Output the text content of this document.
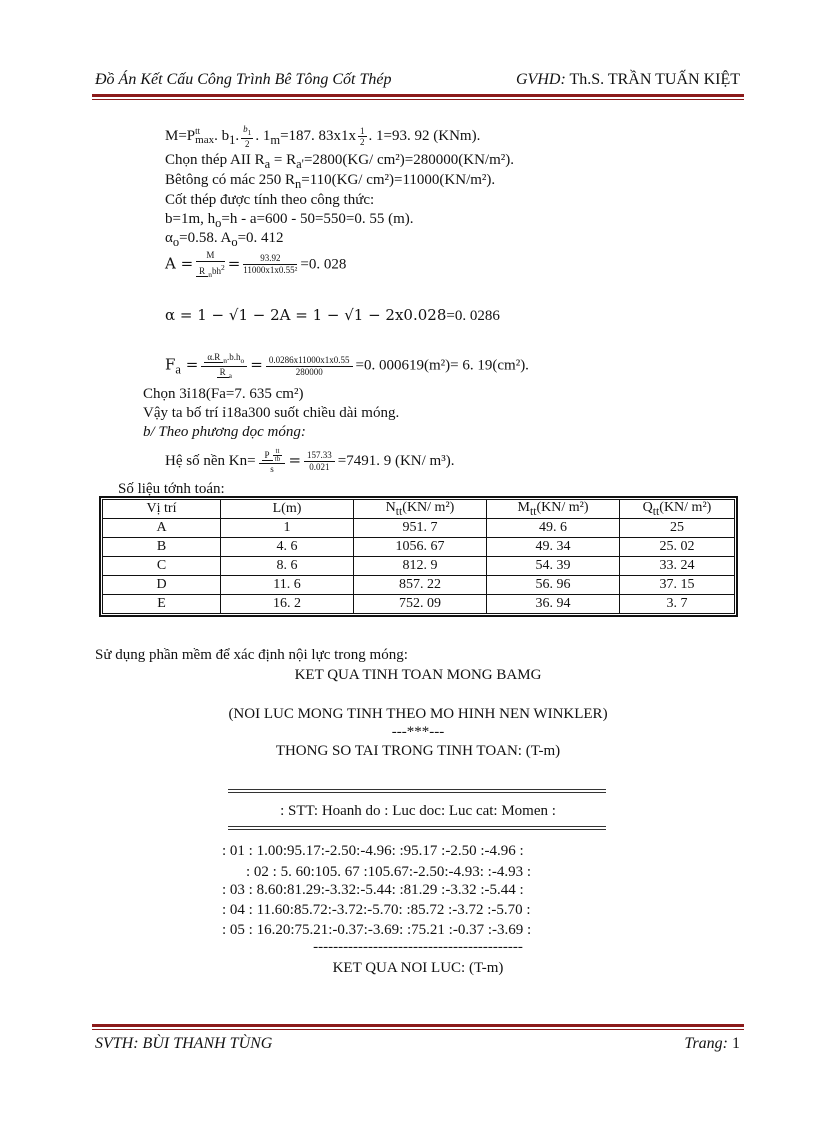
Đồ Án Kết Cấu Công Trình Bê Tông Cốt Thép	GVHD: Th.S. TRẦN TUẤN KIỆT
M=P tt
max . $b_1$. $\frac{b_1}{2}$ . $1_m=187$. $83x1x \frac{1}{2}$ . 1=93. 92 (KNm).
Chọn thép AII $R_a = R_{a'}=2800(KG/$ cm²)=280000(KN/m²).
Bêtông có mác 250 $R_n=110(KG/$ cm²)=11000(KN/m²).
Cốt thép được tính theo công thức:
b=1m, $h_o=h - a=600 - 50=550=0$. 55 (m).
$\alpha_o=0.58$. $A_o=0$. 412
A =	M
R $_nbh^2 = \frac{93.92}{\text{11000x1x0.55²}} =0$. 028
α = 1 − √1 − 2A = 1 − √1 − 2x0.028=0. 0286
$F_a = \frac{\alpha.R _n.b.h_o}{R _a} = \frac{0.0286x11000x1x0.55}{280000} =0$. 000619(m²)= 6. 19(cm²).
Chọn 3ỉ18(Fa=7. 635 cm²)
Vậy ta bố trí ỉ18a300 suốt chiều dài móng.
b/ Theo phương dọc móng:
Hệ số nền Kn=	P $\frac{tt}{tb}$
s
= $\frac{157.33}{0.021} =7491$. 9 (KN/ m³).
Số liệu tớnh toán:
Vị trí	L(m)	$N_{tt}(KN/$ m²)	$M_{tt}(KN/$ m²)	$Q_{tt}(KN/$ m²)
A	1	951. 7	49. 6	25
B	4. 6	1056. 67	49. 34	25. 02
C	8. 6	812. 9	54. 39	33. 24
D	11. 6	857. 22	56. 96	37. 15
E	16. 2	752. 09	36. 94	3. 7
Sử dụng phần mềm để xác định nội lực trong móng:
KET QUA TINH TOAN MONG BAMG
(NOI LUC MONG TINH THEO MO HINH NEN WINKLER)
---***---
THONG SO TAI TRONG TINH TOAN: (T-m)
: STT: Hoanh do : Luc doc: Luc cat: Momen :
: 01 : 1.00:95.17:-2.50:-4.96: :95.17 :-2.50 :-4.96 :
: 02 : 5. 60:105. 67 :105.67:-2.50:-4.93: :-4.93 :
: 03 : 8.60:81.29:-3.32:-5.44: :81.29 :-3.32 :-5.44 :
: 04 : 11.60:85.72:-3.72:-5.70: :85.72 :-3.72 :-5.70 :
: 05 : 16.20:75.21:-0.37:-3.69: :75.21 :-0.37 :-3.69 :
------------------------------------------
KET QUA NOI LUC: (T-m)
SVTH: BÙI THANH TÙNG	Trang: 1
